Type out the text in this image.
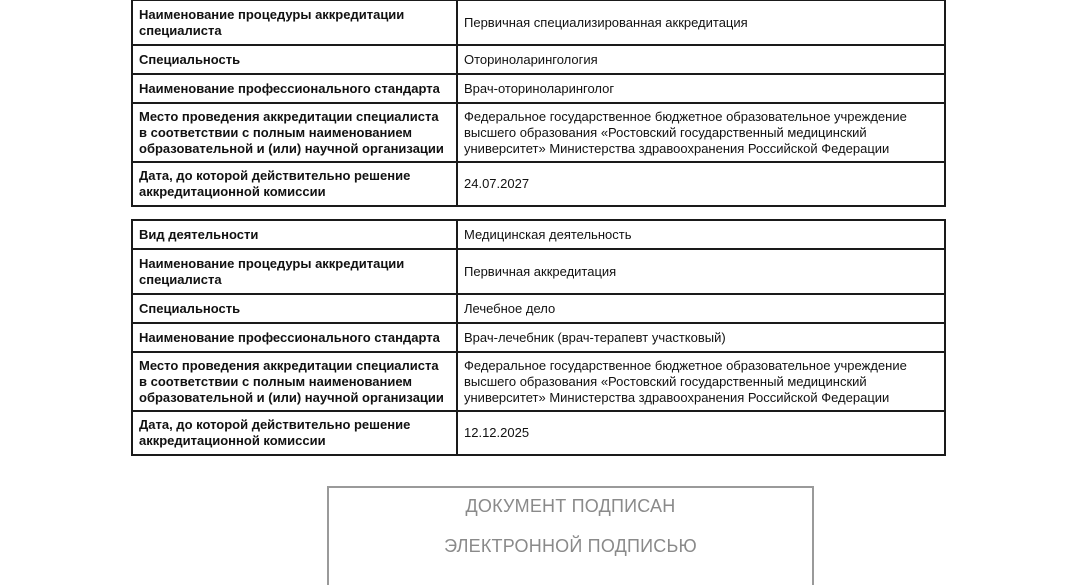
Наименование процедуры аккредитации специалиста	Первичная специализированная аккредитация
Специальность	Оториноларингология
Наименование профессионального стандарта	Врач-оториноларинголог
Место проведения аккредитации специалиста в соответствии с полным наименованием образовательной и (или) научной организации	Федеральное государственное бюджетное образовательное учреждение высшего образования «Ростовский государственный медицинский университет» Министерства здравоохранения Российской Федерации
Дата, до которой действительно решение аккредитационной комиссии	24.07.2027
Вид деятельности	Медицинская деятельность
Наименование процедуры аккредитации специалиста	Первичная аккредитация
Специальность	Лечебное дело
Наименование профессионального стандарта	Врач-лечебник (врач-терапевт участковый)
Место проведения аккредитации специалиста в соответствии с полным наименованием образовательной и (или) научной организации	Федеральное государственное бюджетное образовательное учреждение высшего образования «Ростовский государственный медицинский университет» Министерства здравоохранения Российской Федерации
Дата, до которой действительно решение аккредитационной комиссии	12.12.2025
ДОКУМЕНТ ПОДПИСАН
ЭЛЕКТРОННОЙ ПОДПИСЬЮ
